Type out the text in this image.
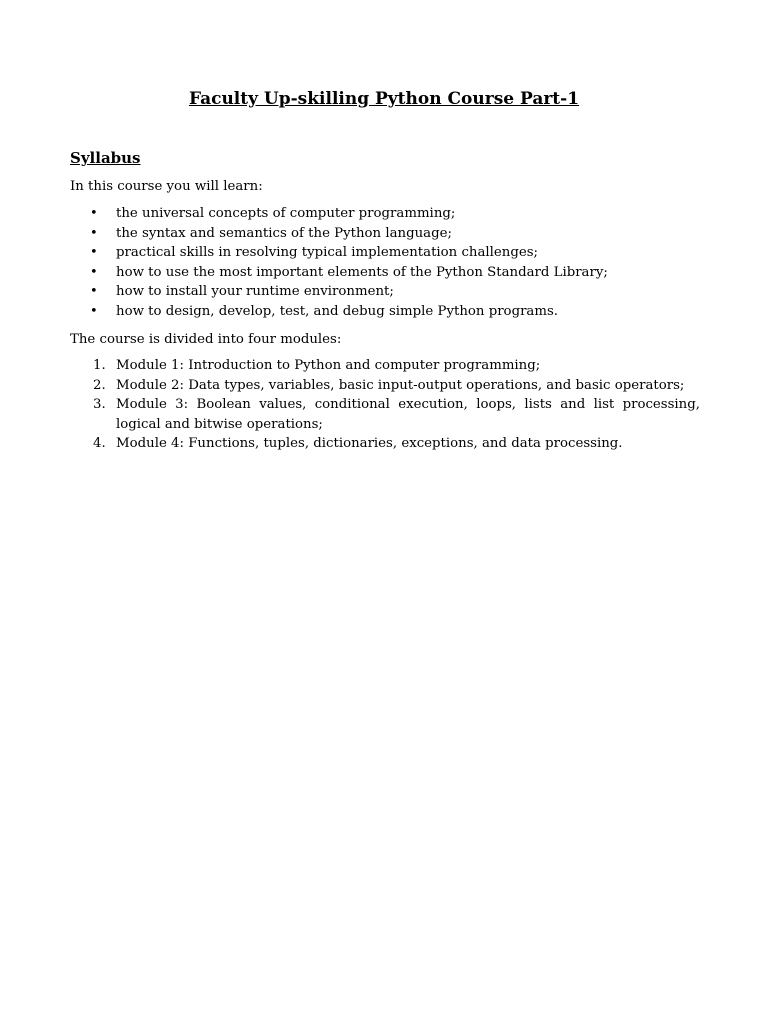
Faculty Up-skilling Python Course Part-1
Syllabus

In this course you will learn:

• the universal concepts of computer programming;
• the syntax and semantics of the Python language;
• practical skills in resolving typical implementation challenges;
• how to use the most important elements of the Python Standard Library;
• how to install your runtime environment;
• how to design, develop, test, and debug simple Python programs.

The course is divided into four modules:

1. Module 1: Introduction to Python and computer programming;
2. Module 2: Data types, variables, basic input-output operations, and basic operators;
3. Module 3: Boolean values, conditional execution, loops, lists and list processing, logical and bitwise operations;
4. Module 4: Functions, tuples, dictionaries, exceptions, and data processing.
